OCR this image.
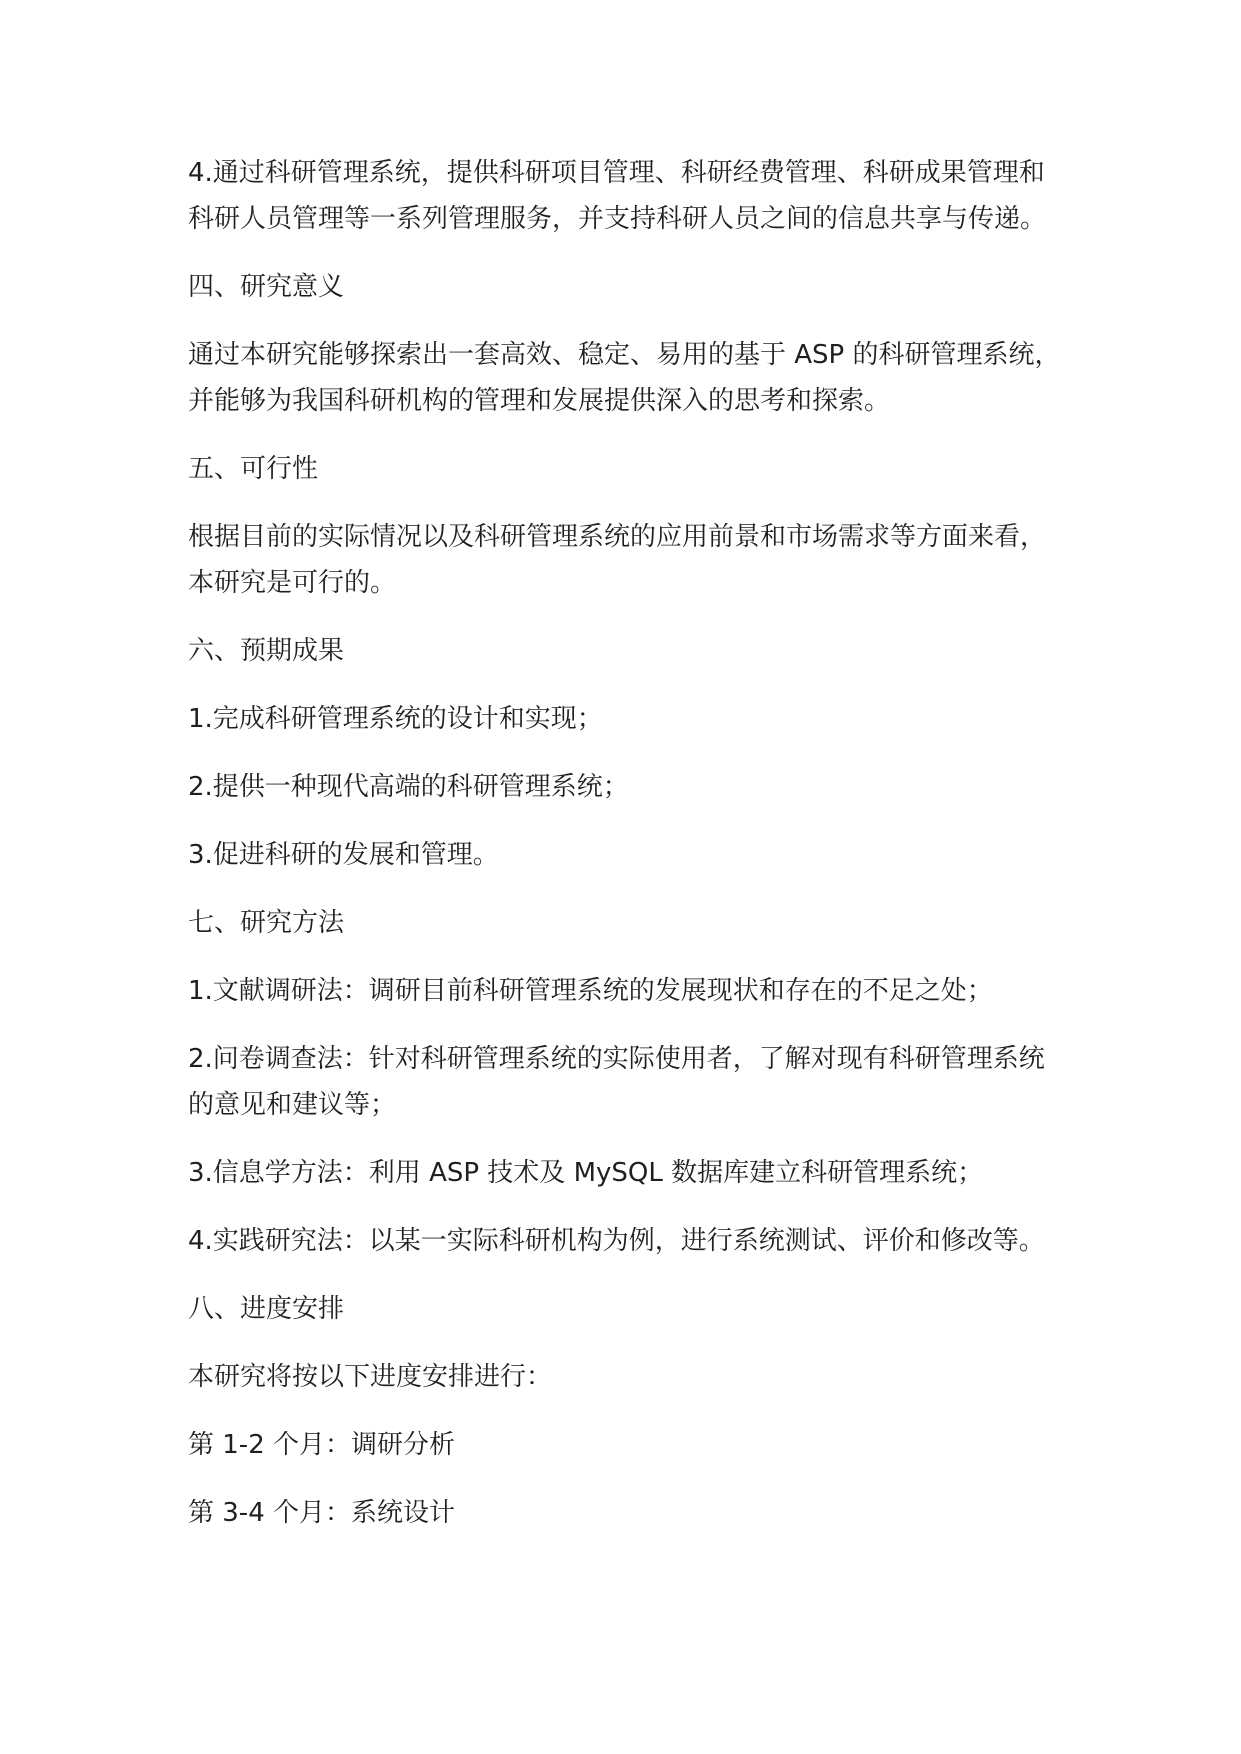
4.通过科研管理系统，提供科研项目管理、科研经费管理、科研成果管理和科研人员管理等一系列管理服务，并支持科研人员之间的信息共享与传递。

四、研究意义

通过本研究能够探索出一套高效、稳定、易用的基于 ASP 的科研管理系统，并能够为我国科研机构的管理和发展提供深入的思考和探索。

五、可行性

根据目前的实际情况以及科研管理系统的应用前景和市场需求等方面来看，本研究是可行的。

六、预期成果

1.完成科研管理系统的设计和实现；

2.提供一种现代高端的科研管理系统；

3.促进科研的发展和管理。

七、研究方法

1.文献调研法：调研目前科研管理系统的发展现状和存在的不足之处；

2.问卷调查法：针对科研管理系统的实际使用者，了解对现有科研管理系统的意见和建议等；

3.信息学方法：利用 ASP 技术及 MySQL 数据库建立科研管理系统；

4.实践研究法：以某一实际科研机构为例，进行系统测试、评价和修改等。

八、进度安排

本研究将按以下进度安排进行：

第 1-2 个月：调研分析

第 3-4 个月：系统设计
